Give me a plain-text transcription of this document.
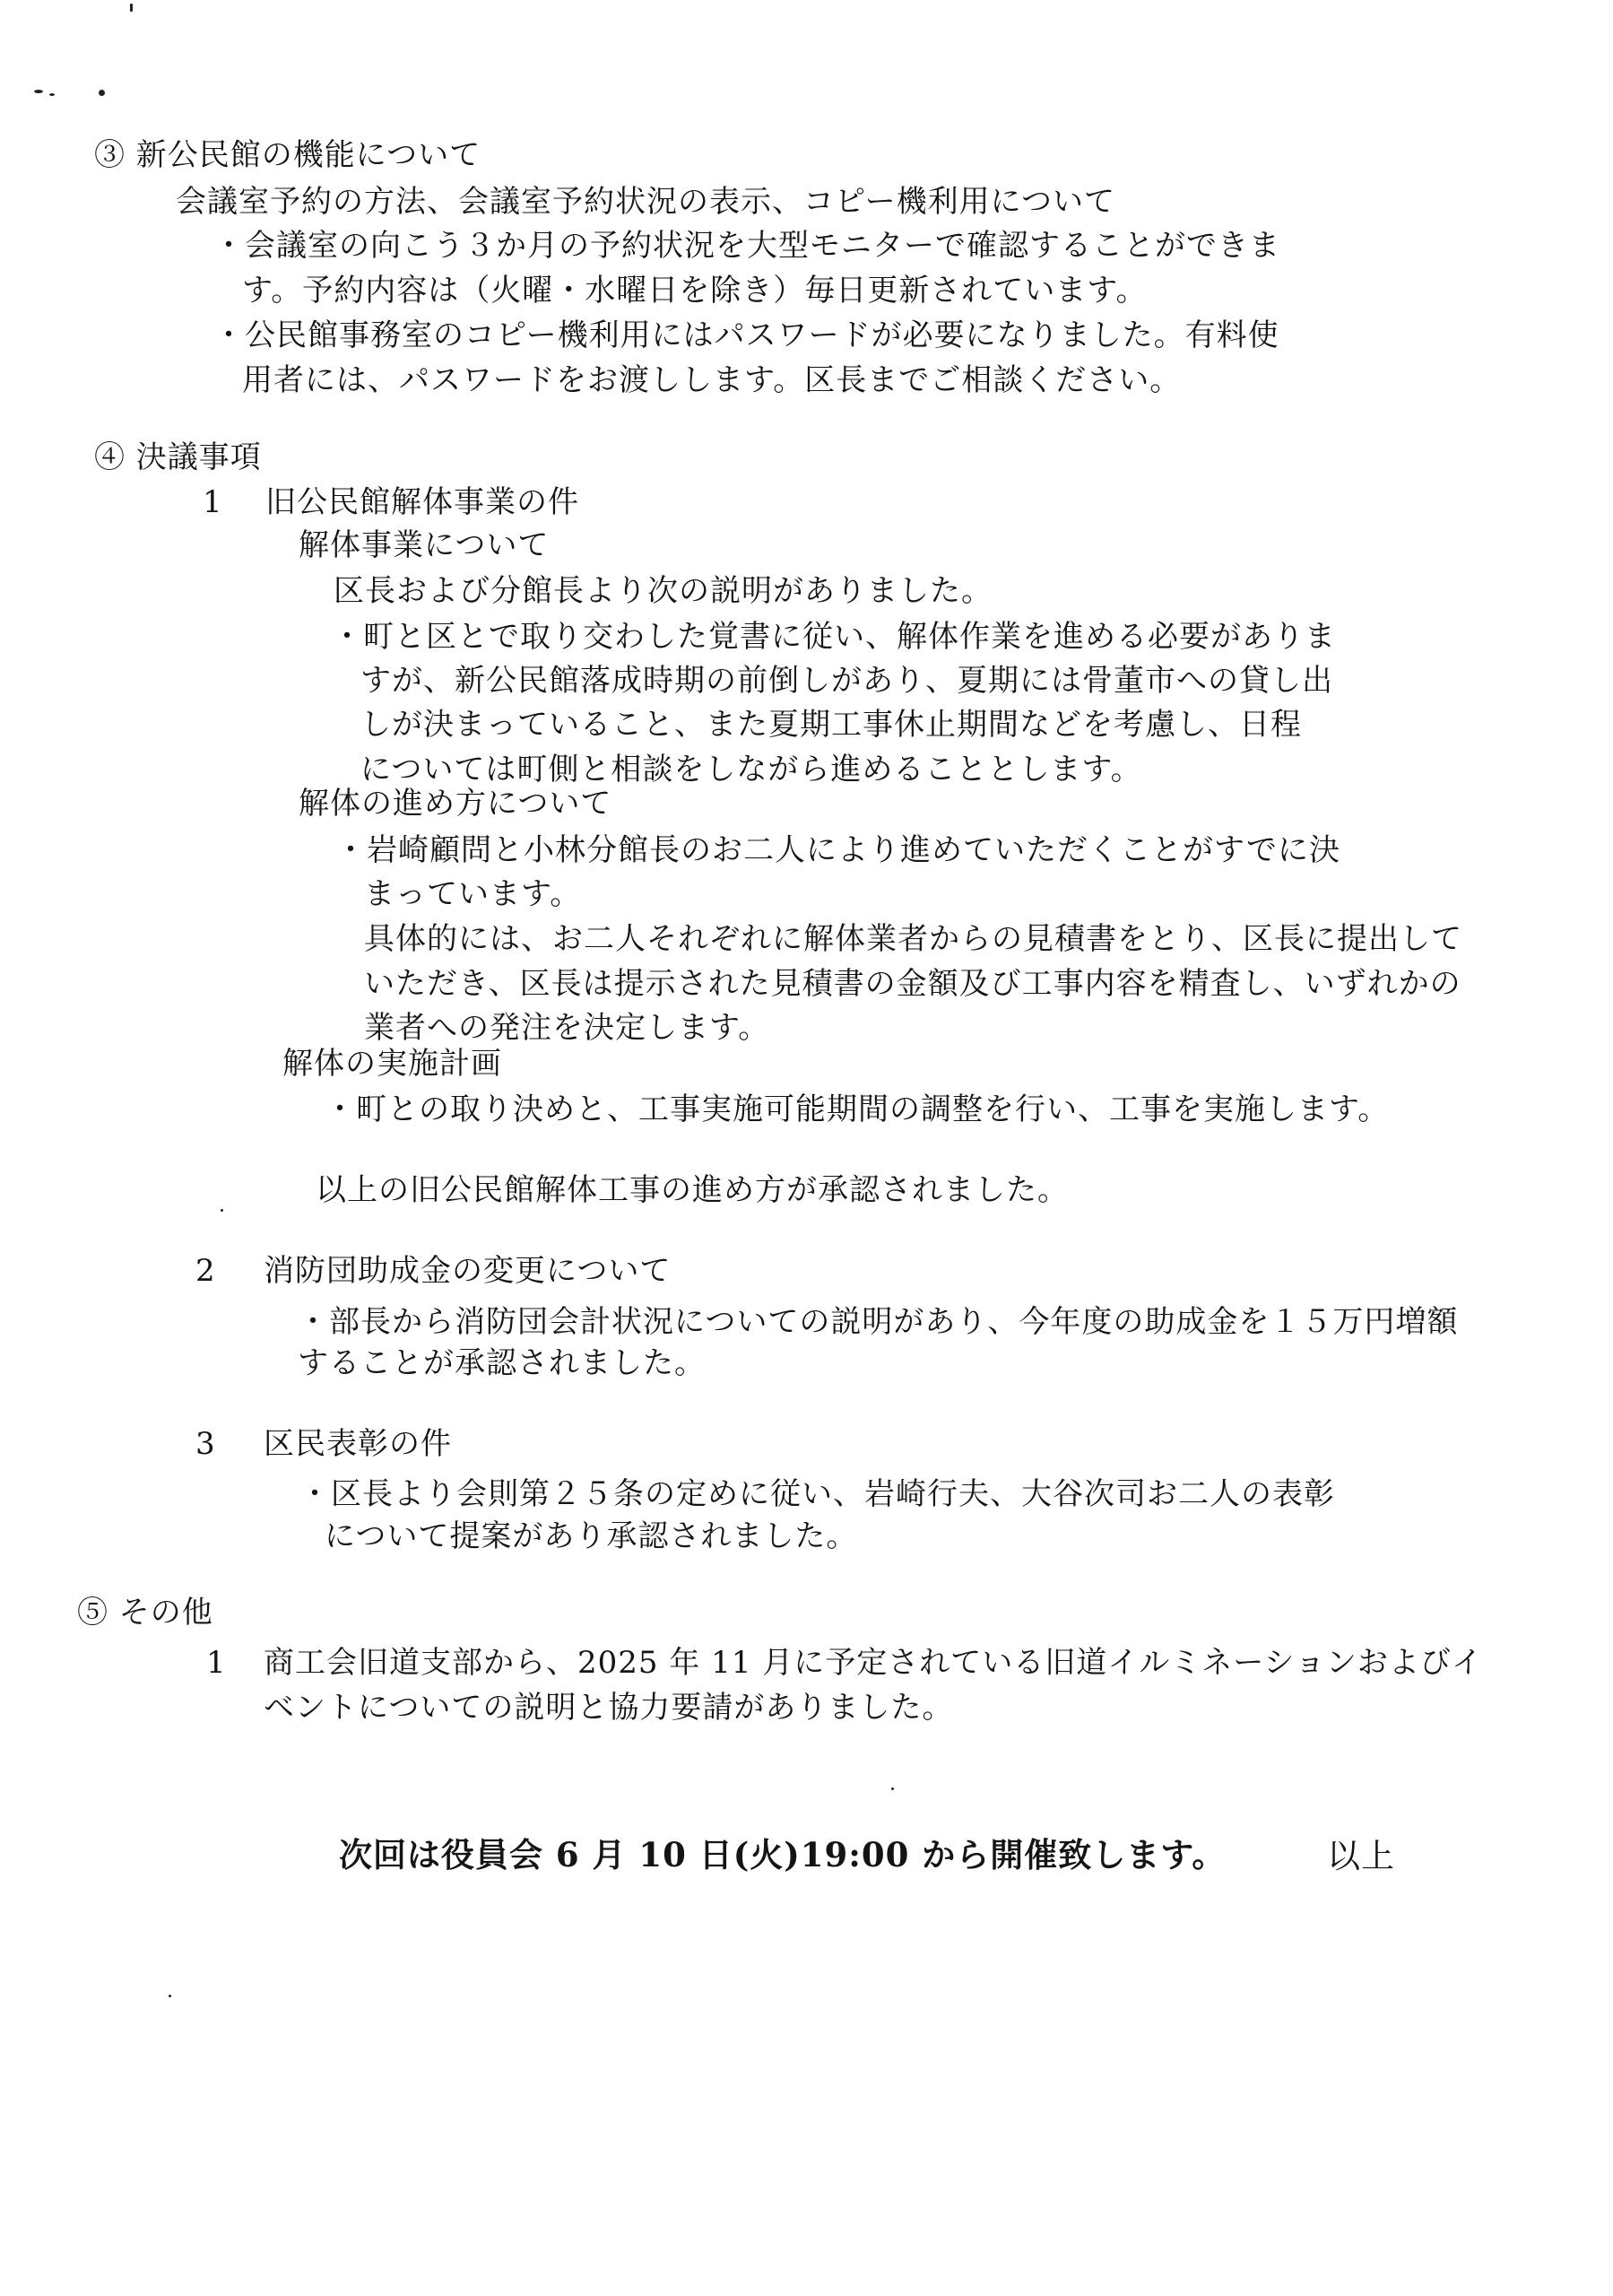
③ 新公民館の機能について
会議室予約の方法、会議室予約状況の表示、コピー機利用について
・会議室の向こう３か月の予約状況を大型モニターで確認することができま
す。予約内容は（火曜・水曜日を除き）毎日更新されています。
・公民館事務室のコピー機利用にはパスワードが必要になりました。有料使
用者には、パスワードをお渡しします。区長までご相談ください。
④ 決議事項
1 旧公民館解体事業の件
解体事業について
区長および分館長より次の説明がありました。
・町と区とで取り交わした覚書に従い、解体作業を進める必要がありま
すが、新公民館落成時期の前倒しがあり、夏期には骨董市への貸し出
しが決まっていること、また夏期工事休止期間などを考慮し、日程
については町側と相談をしながら進めることとします。
解体の進め方について
・岩崎顧問と小林分館長のお二人により進めていただくことがすでに決
まっています。
具体的には、お二人それぞれに解体業者からの見積書をとり、区長に提出して
いただき、区長は提示された見積書の金額及び工事内容を精査し、いずれかの
業者への発注を決定します。
解体の実施計画
・町との取り決めと、工事実施可能期間の調整を行い、工事を実施します。
以上の旧公民館解体工事の進め方が承認されました。
2 消防団助成金の変更について
・部長から消防団会計状況についての説明があり、今年度の助成金を１５万円増額
することが承認されました。
3 区民表彰の件
・区長より会則第２５条の定めに従い、岩崎行夫、大谷次司お二人の表彰
について提案があり承認されました。
⑤ その他
1 商工会旧道支部から、2025 年 11 月に予定されている旧道イルミネーションおよびイ
ベントについての説明と協力要請がありました。
次回は役員会 6 月 10 日(火)19:00 から開催致します。	以上
